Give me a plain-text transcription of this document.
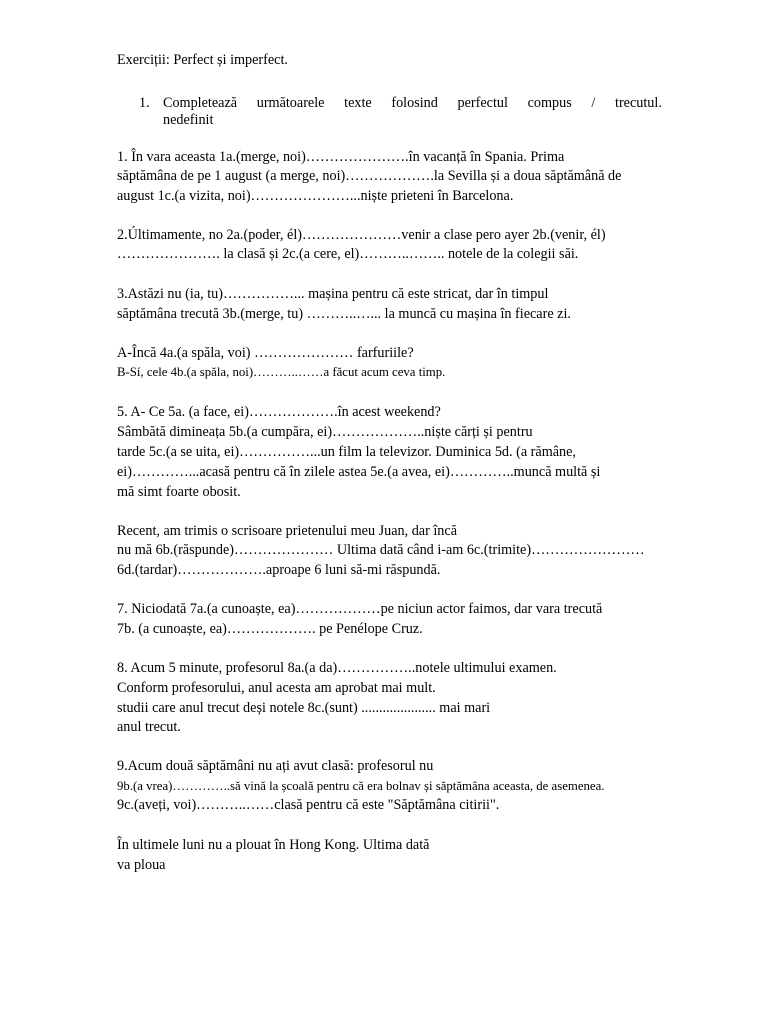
Exerciții: Perfect și imperfect.
1. Completează următoarele texte folosind perfectul compus / trecutul.
nedefinit
1. În vara aceasta 1a.(merge, noi)………………….în vacanță în Spania. Prima
săptămâna de pe 1 august (a merge, noi)……………….la Sevilla și a doua săptămână de
august 1c.(a vizita, noi)…………………...niște prieteni în Barcelona.
2.Últimamente, no 2a.(poder, él)…………………venir a clase pero ayer 2b.(venir, él)
…………………. la clasă și 2c.(a cere, el)………..…….. notele de la colegii săi.
3.Astăzi nu (ia, tu)……………... mașina pentru că este stricat, dar în timpul
săptămâna trecută 3b.(merge, tu) ………..…... la muncă cu mașina în fiecare zi.
A-Încă 4a.(a spăla, voi) ………………… farfuriile?
B-Sí, cele 4b.(a spăla, noi)………..……a făcut acum ceva timp.
5. A- Ce 5a. (a face, ei)……………….în acest weekend?
Sâmbătă dimineața 5b.(a cumpăra, ei)………………..niște cărți și pentru
tarde 5c.(a se uita, ei)……………...un film la televizor. Duminica 5d. (a rămâne,
ei)…………...acasă pentru că în zilele astea 5e.(a avea, ei)…………..muncă multă și
mă simt foarte obosit.
Recent, am trimis o scrisoare prietenului meu Juan, dar încă
nu mă 6b.(răspunde)………………… Ultima dată când i-am 6c.(trimite)……………………
6d.(tardar)……………….aproape 6 luni să-mi răspundă.
7. Niciodată 7a.(a cunoaște, ea)………………pe niciun actor faimos, dar vara trecută
7b. (a cunoaște, ea)………………. pe Penélope Cruz.
8. Acum 5 minute, profesorul 8a.(a da)……………..notele ultimului examen.
Conform profesorului, anul acesta am aprobat mai mult.
studii care anul trecut deși notele 8c.(sunt) ..................... mai mari
anul trecut.
9.Acum două săptămâni nu ați avut clasă: profesorul nu
9b.(a vrea)…………..să vină la școală pentru că era bolnav și săptămâna aceasta, de asemenea.
9c.(aveți, voi)………..……clasă pentru că este "Săptămâna citirii".
În ultimele luni nu a plouat în Hong Kong. Ultima dată
va ploua
